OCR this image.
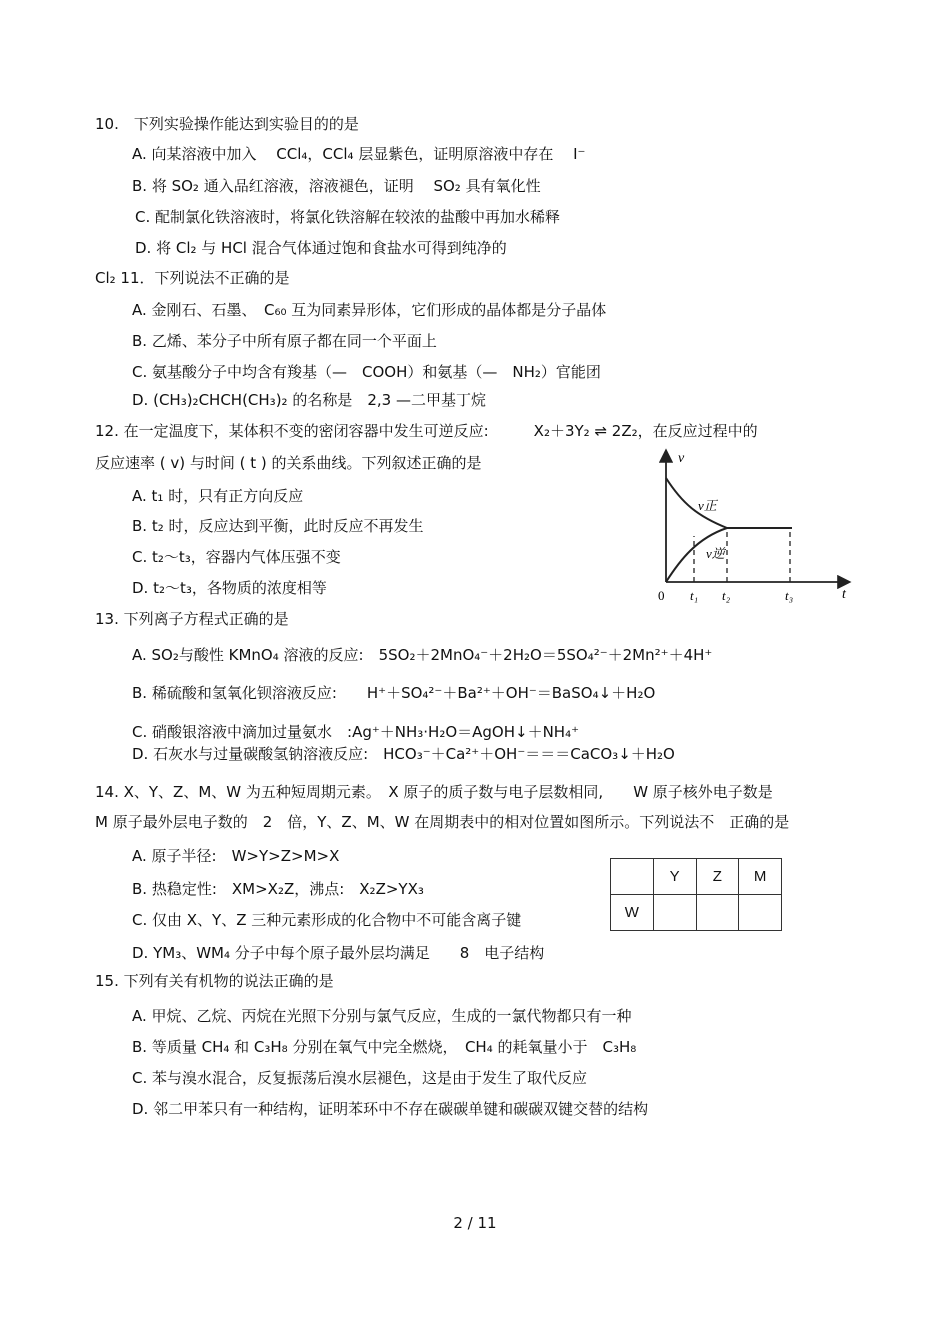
10.　下列实验操作能达到实验目的的是
A. 向某溶液中加入　 CCl₄，CCl₄ 层显紫色，证明原溶液中存在　 I⁻
B. 将 SO₂ 通入品红溶液，溶液褪色，证明　 SO₂ 具有氧化性
C. 配制氯化铁溶液时，将氯化铁溶解在较浓的盐酸中再加水稀释
D. 将 Cl₂ 与 HCl 混合气体通过饱和食盐水可得到纯净的
Cl₂ 11．下列说法不正确的是
A. 金刚石、石墨、　C₆₀ 互为同素异形体，它们形成的晶体都是分子晶体
B. 乙烯、苯分子中所有原子都在同一个平面上
C. 氨基酸分子中均含有羧基（—　COOH）和氨基（—　NH₂）官能团
D. (CH₃)₂CHCH(CH₃)₂ 的名称是　2,3 —二甲基丁烷
12. 在一定温度下，某体积不变的密闭容器中发生可逆反应:　　　X₂＋3Y₂ ⇌ 2Z₂，在反应过程中的
反应速率 ( v) 与时间 ( t ) 的关系曲线。下列叙述正确的是
A. t₁ 时，只有正方向反应
B. t₂ 时，反应达到平衡，此时反应不再发生
C. t₂～t₃，容器内气体压强不变
D. t₂～t₃，各物质的浓度相等
v
t
0
v正
v逆
t₁ t₂	t₃
13. 下列离子方程式正确的是
A. SO₂与酸性 KMnO₄ 溶液的反应:　5SO₂＋2MnO₄⁻＋2H₂O＝5SO₄²⁻＋2Mn²⁺＋4H⁺
B. 稀硫酸和氢氧化钡溶液反应:　　H⁺＋SO₄²⁻＋Ba²⁺＋OH⁻＝BaSO₄↓＋H₂O
C. 硝酸银溶液中滴加过量氨水　:Ag⁺＋NH₃·H₂O＝AgOH↓＋NH₄⁺
D. 石灰水与过量碳酸氢钠溶液反应:　HCO₃⁻＋Ca²⁺＋OH⁻＝＝＝CaCO₃↓＋H₂O
14. X、Y、Z、M、W 为五种短周期元素。　X 原子的质子数与电子层数相同,　　W 原子核外电子数是
M 原子最外层电子数的　2　倍，Y、Z、M、W 在周期表中的相对位置如图所示。下列说法不　正确的是
A. 原子半径:　W>Y>Z>M>X
B. 热稳定性:　XM>X₂Z，沸点:　X₂Z>YX₃
C. 仅由 X、Y、Z 三种元素形成的化合物中不可能含离子键
D. YM₃、WM₄ 分子中每个原子最外层均满足　　8　电子结构
	Y	Z	M
W			
15. 下列有关有机物的说法正确的是
A. 甲烷、乙烷、丙烷在光照下分别与氯气反应，生成的一氯代物都只有一种
B. 等质量 CH₄ 和 C₃H₈ 分别在氧气中完全燃烧，　CH₄ 的耗氧量小于　C₃H₈
C. 苯与溴水混合，反复振荡后溴水层褪色，这是由于发生了取代反应
D. 邻二甲苯只有一种结构，证明苯环中不存在碳碳单键和碳碳双键交替的结构
2 / 11
